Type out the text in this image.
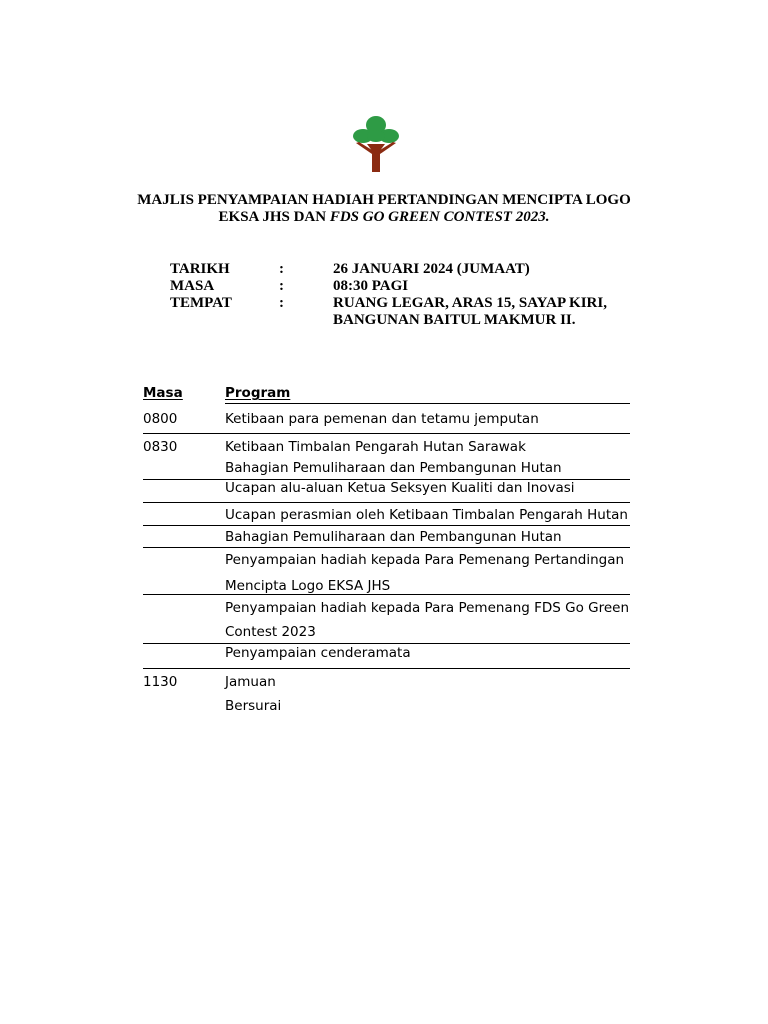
MAJLIS PENYAMPAIAN HADIAH PERTANDINGAN MENCIPTA LOGO
EKSA JHS DAN FDS GO GREEN CONTEST 2023.
TARIKH	:	26 JANUARI 2024 (JUMAAT)
MASA	:	08:30 PAGI
TEMPAT	:	RUANG LEGAR, ARAS 15, SAYAP KIRI, BANGUNAN BAITUL MAKMUR II.
Masa	Program
0800	Ketibaan para pemenan dan tetamu jemputan
0830	Ketibaan Timbalan Pengarah Hutan Sarawak
Bahagian Pemuliharaan dan Pembangunan Hutan
Ucapan alu-aluan Ketua Seksyen Kualiti dan Inovasi
Ucapan perasmian oleh Ketibaan Timbalan Pengarah Hutan
Bahagian Pemuliharaan dan Pembangunan Hutan
Penyampaian hadiah kepada Para Pemenang Pertandingan
Mencipta Logo EKSA JHS
Penyampaian hadiah kepada Para Pemenang FDS Go Green
Contest 2023
Penyampaian cenderamata
1130	Jamuan
Bersurai
